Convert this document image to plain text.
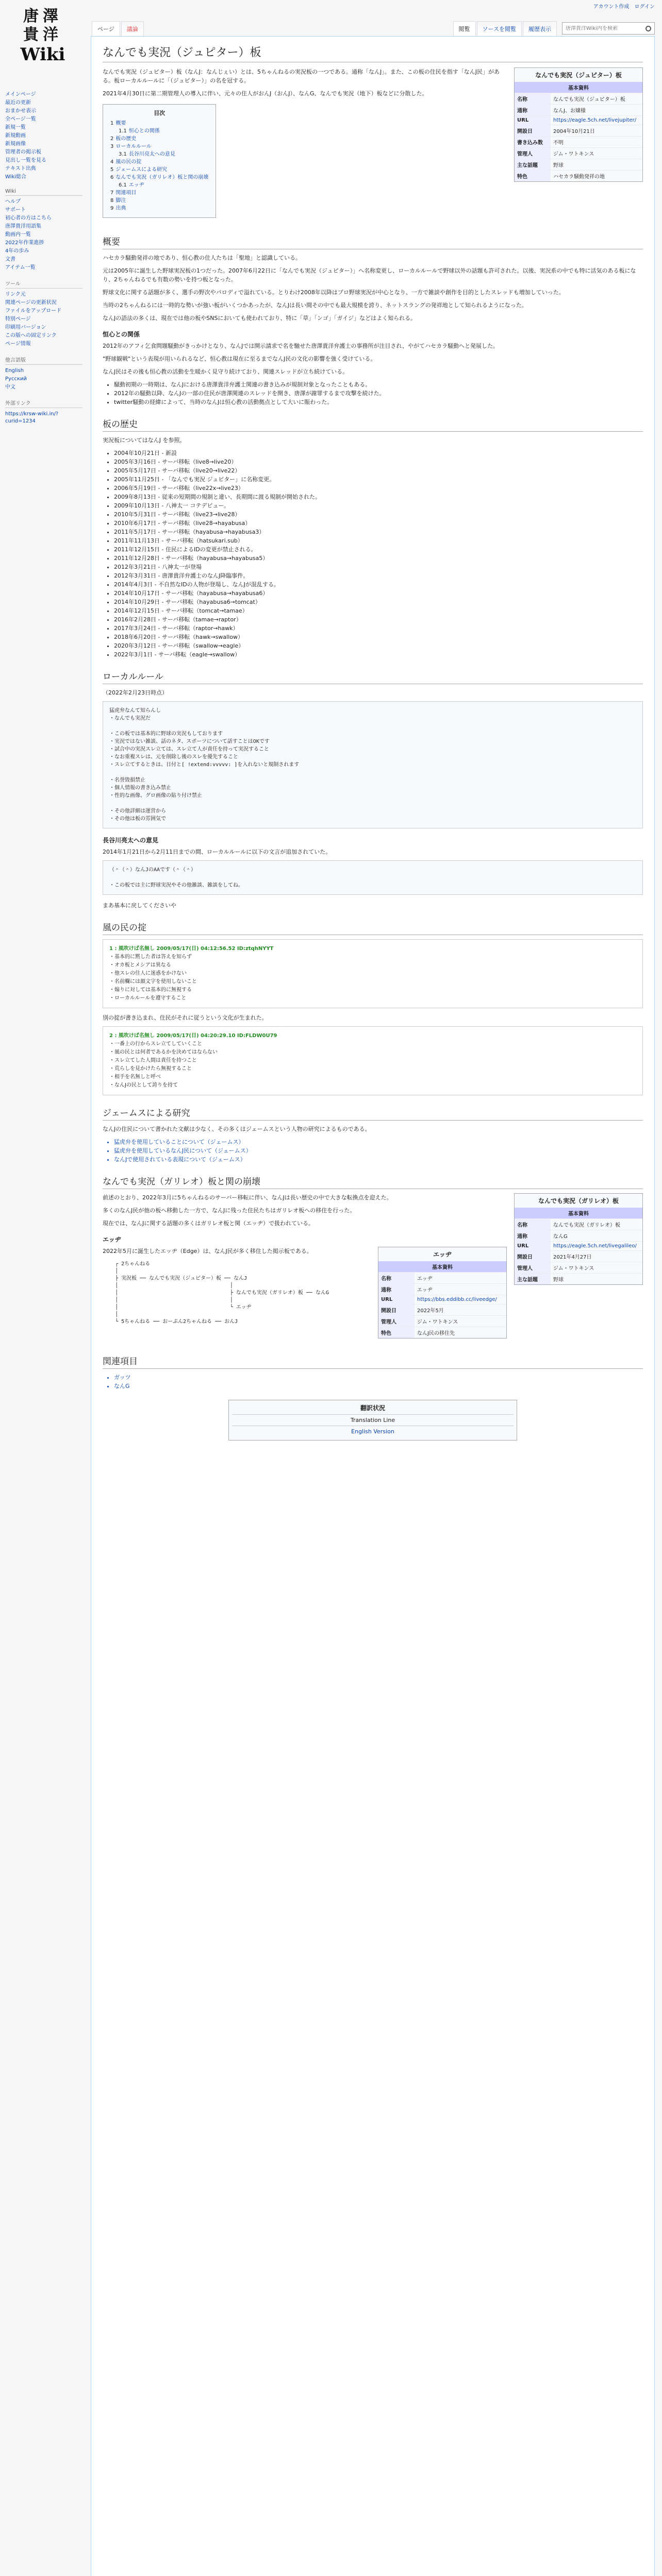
アカウント作成 ログイン
唐澤
貴洋
Wiki
ページ	議論	閲覧	ソースを閲覧	履歴表示
唐澤貴洋Wiki内を検索
メインページ
最近の更新
おまかせ表示
全ページ一覧
新規一覧
新規動画
新規画像
管理者の掲示板
見出し一覧を見る
テキスト出典
Wiki総合
Wiki
ヘルプ
サポート
初心者の方はこちら
唐澤貴洋用語集
動画内一覧
2022年作業進捗
4年の歩み
文書
アイテム一覧
ツール
リンク元
関連ページの更新状況
ファイルをアップロード
特別ページ
印刷用バージョン
この版への固定リンク
ページ情報
他言語版
English
Русский
中文
外部リンク
https://krsw-wiki.in/?curid=1234
なんでも実況（ジュピター）板
なんでも実況（ジュピター）板
基本資料
名称	なんでも実況（ジュピター）板
通称	なんJ、お嬢様
URL	https://eagle.5ch.net/livejupiter/
開設日	2004年10月21日
書き込み数	不明
管理人	ジム・ワトキンス
主な話題	野球
特色	ハセカラ騒動発祥の地

なんでも実況（ジュピター）板（なんJ：なんじぇい）とは、5ちゃんねるの実況板の一つである。通称「なんJ」。また、この板の住民を指す「なんJ民」がある。板ローカルルールに「（ジュピター）」の名を冠する。

2021年4月30日に第二期管理人の導入に伴い、元々の住人がおんJ（おんJ）、なんG、なんでも実況（地下）板などに分散した。

目次
1 概要
1.1 恒心との関係
2 板の歴史
3 ローカルルール
3.1 長谷川亮太への意見
4 風の民の掟
5 ジェームスによる研究
6 なんでも実況（ガリレオ）板と関の崩壊
6.1 エッヂ
7 関連項目
8 脚注
9 出典
概要

ハセカラ騒動発祥の地であり、恒心教の住人たちは「聖地」と認識している。

元は2005年に誕生した野球実況板の1つだった。2007年6月22日に「なんでも実況（ジュピター）」へ名称変更し、ローカルルールで野球以外の話題も許可された。以後、実況系の中でも特に活気のある板になり、2ちゃんねるでも有数の勢いを持つ板となった。

野球文化に関する話題が多く、選手の野次やパロディで溢れている。とりわけ2008年以降はプロ野球実況が中心となり、一方で雑談や創作を目的としたスレッドも増加していった。

当時の2ちゃんねるには一時的な勢いが強い板がいくつかあったが、なんJは長い間その中でも最大規模を誇り、ネットスラングの発祥地として知られるようになった。

なんJの語法の多くは、現在では他の板やSNSにおいても使われており、特に「草」「ンゴ」「ガイジ」などはよく知られる。

恒心との関係

2012年のアフィ乞食問題騒動がきっかけとなり、なんJでは開示請求で名を馳せた唐澤貴洋弁護士の事務所が注目され、やがてハセカラ騒動へと発展した。

"野球観戦"という表現が用いられるなど、恒心教は現在に至るまでなんJ民の文化の影響を強く受けている。

なんJ民はその後も恒心教の活動を生暖かく見守り続けており、関連スレッドが立ち続けている。

• 騒動初期の一時期は、なんJにおける唐澤貴洋弁護士関連の書き込みが規制対象となったこともある。
• 2012年の騒動以降、なんJの一部の住民が唐澤関連のスレッドを開き、唐澤が謝罪するまで攻撃を続けた。
• twitter騒動の経緯によって、当時のなんJは恒心教の活動拠点として大いに賑わった。
板の歴史

実況板についてはなんJ を参照。

• 2004年10月21日 - 新設
• 2005年3月16日 - サーバ移転（live8→live20）
• 2005年5月17日 - サーバ移転（live20→live22）
• 2005年11月25日 - 「なんでも実況 ジュピター」に名称変更。
• 2006年5月19日 - サーバ移転（live22x→live23）
• 2009年8月13日 - 従来の短期間の規制と違い、長期間に渡る規制が開始された。
• 2009年10月13日 - 八神太一 コテデビュー。
• 2010年5月31日 - サーバ移転（live23→live28）
• 2010年6月17日 - サーバ移転（live28→hayabusa）
• 2011年5月17日 - サーバ移転（hayabusa→hayabusa3）
• 2011年11月13日 - サーバ移転（hatsukari.sub）
• 2011年12月15日 - 住民によるIDの変更が禁止される。
• 2011年12月28日 - サーバ移転（hayabusa→hayabusa5）
• 2012年3月21日 - 八神太一が登場
• 2012年3月31日 - 唐澤貴洋弁護士のなんJ降臨事件。
• 2014年4月3日 - 不自然なIDの人物が登場し、なんJが混乱する。
• 2014年10月17日 - サーバ移転（hayabusa→hayabusa6）
• 2014年10月29日 - サーバ移転（hayabusa6→tomcat）
• 2014年12月15日 - サーバ移転（tomcat→tamae）
• 2016年2月28日 - サーバ移転（tamae→raptor）
• 2017年3月24日 - サーバ移転（raptor→hawk）
• 2018年6月20日 - サーバ移転（hawk→swallow）
• 2020年3月12日 - サーバ移転（swallow→eagle）
• 2022年3月1日 - サーバ移転（eagle→swallow）
ローカルルール

（2022年2月23日時点）

猛虎弁なんて知らんし
・なんでも実況だ

・この板では基本的に野球の実況もしております
・実況ではない雑談、話のネタ、スポーツについて話すことはOKです
・試合中の実況スレ立ては、スレ立て人が責任を持って実況すること
・なお重複スレは、元を削除し後のスレを優先すること
・スレ立てするときは、日付と[ !extend:vvvvv: ]を入れないと規制されます

・名誉毀損禁止
・個人情報の書き込み禁止
・性的な画像、グロ画像の貼り付け禁止

・その他詳細は運営から
・その他は板の雰囲気で
長谷川亮太への意見

2014年1月21日から2月11日までの間、ローカルルールに以下の文言が追加されていた。

（＾（＾）なんJのAAです（＾（＾）

・この板では主に野球実況やその他雑談、雑談をしてね。

まあ基本に戻してくださいや

風の民の掟
1 : 風吹けば名無し 2009/05/17(日) 04:12:56.52 ID:ztqhNYYT
・基本的に黙した者は答えを知らず
・オカ板とメシアは異なる
・他スレの住人に迷惑をかけない
・名前欄には顔文字を使用しないこと
・煽りに対しては基本的に無視する
・ローカルルールを遵守すること

別の掟が書き込まれ、住民がそれに従うという文化が生まれた。

2 : 風吹けば名無し 2009/05/17(日) 04:20:29.10 ID:FLDW0U79
・一番上の行からスレ立てしていくこと
・風の民とは何者であるかを決めてはならない
・スレ立てした人間は責任を持つこと
・荒らしを見かけたら無視すること
・相手を名無しと呼べ
・なんJの民として誇りを持て
ジェームスによる研究

なんJの住民について書かれた文献は少なく、その多くはジェームスという人物の研究によるものである。

• 猛虎弁を使用していることについて（ジェームス）
• 猛虎弁を使用しているなんJ民について（ジェームス）
• なんJで使用されている表現について（ジェームス）
なんでも実況（ガリレオ）板と関の崩壊
なんでも実況（ガリレオ）板
基本資料
名称	なんでも実況（ガリレオ）板
通称	なんG
URL	https://eagle.5ch.net/livegalileo/
開設日	2021年4月27日
管理人	ジム・ワトキンス
主な話題	野球

前述のとおり、2022年3月に5ちゃんねるのサーバー移転に伴い、なんJは長い歴史の中で大きな転換点を迎えた。

多くのなんJ民が他の板へ移動した一方で、なんJに残った住民たちはガリレオ板への移住を行った。

現在では、なんJに関する話題の多くはガリレオ板と関（エッヂ）で扱われている。

エッヂ
エッヂ
基本資料
名称	エッヂ
通称	エッヂ
URL	https://bbs.eddibb.cc/liveedge/
開設日	2022年5月
管理人	ジム・ワトキンス
特色	なんJ民の移住先

2022年5月に誕生したエッヂ（Edge）は、なんJ民が多く移住した掲示板である。

┌ 2ちゃんねる
│
├ 実況板 ── なんでも実況（ジュピター）板 ── なんJ
│                                    │
│                                    ├ なんでも実況（ガリレオ）板 ── なんG
│                                    │
│                                    └ エッヂ
│
└ 5ちゃんねる ── おーぷん2ちゃんねる ── おんJ
関連項目
• ガッツ
• なんG
翻訳状況
Translation Line
English Version
